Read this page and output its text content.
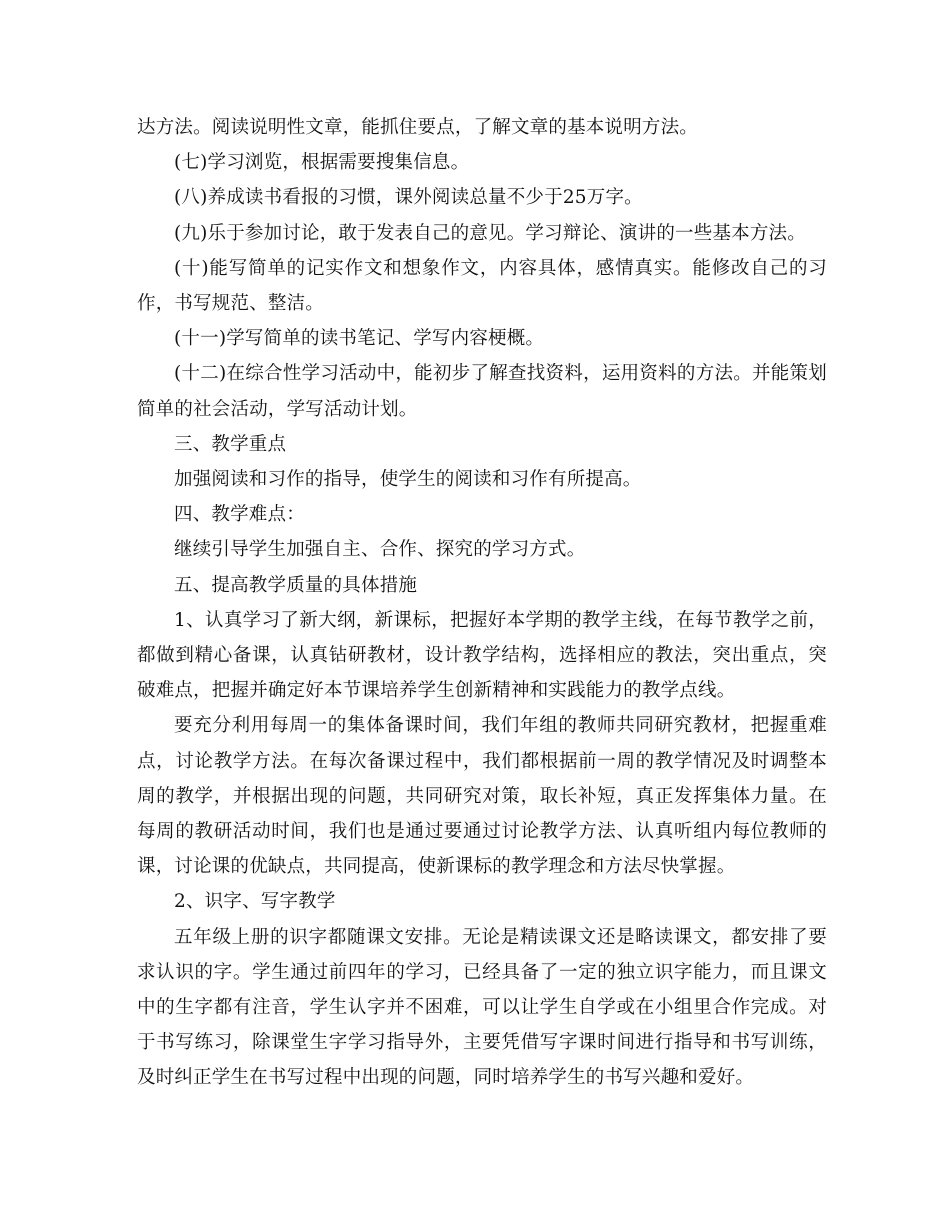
达方法。阅读说明性文章，能抓住要点，了解文章的基本说明方法。

(七)学习浏览，根据需要搜集信息。

(八)养成读书看报的习惯，课外阅读总量不少于25万字。

(九)乐于参加讨论，敢于发表自己的意见。学习辩论、演讲的一些基本方法。

(十)能写简单的记实作文和想象作文，内容具体，感情真实。能修改自己的习作，书写规范、整洁。

(十一)学写简单的读书笔记、学写内容梗概。

(十二)在综合性学习活动中，能初步了解查找资料，运用资料的方法。并能策划简单的社会活动，学写活动计划。

三、教学重点

加强阅读和习作的指导，使学生的阅读和习作有所提高。

四、教学难点：

继续引导学生加强自主、合作、探究的学习方式。

五、提高教学质量的具体措施

1、认真学习了新大纲，新课标，把握好本学期的教学主线，在每节教学之前，都做到精心备课，认真钻研教材，设计教学结构，选择相应的教法，突出重点，突破难点，把握并确定好本节课培养学生创新精神和实践能力的教学点线。

要充分利用每周一的集体备课时间，我们年组的教师共同研究教材，把握重难点，讨论教学方法。在每次备课过程中，我们都根据前一周的教学情况及时调整本周的教学，并根据出现的问题，共同研究对策，取长补短，真正发挥集体力量。在每周的教研活动时间，我们也是通过要通过讨论教学方法、认真听组内每位教师的课，讨论课的优缺点，共同提高，使新课标的教学理念和方法尽快掌握。

2、识字、写字教学

五年级上册的识字都随课文安排。无论是精读课文还是略读课文，都安排了要求认识的字。学生通过前四年的学习，已经具备了一定的独立识字能力，而且课文中的生字都有注音，学生认字并不困难，可以让学生自学或在小组里合作完成。对于书写练习，除课堂生字学习指导外，主要凭借写字课时间进行指导和书写训练，及时纠正学生在书写过程中出现的问题，同时培养学生的书写兴趣和爱好。
